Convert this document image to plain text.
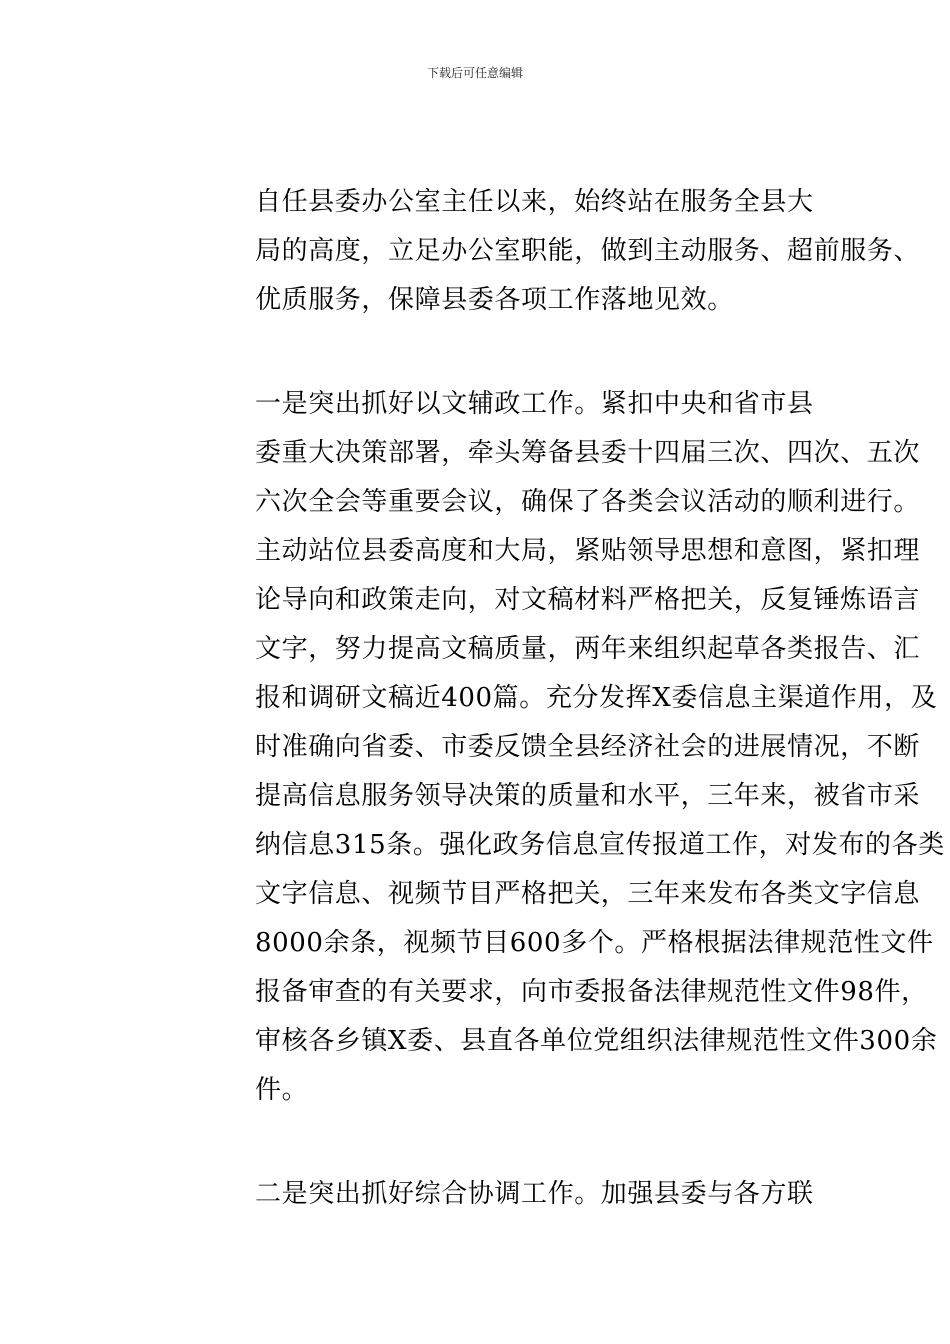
下载后可任意编辑

自任县委办公室主任以来，始终站在服务全县大
局的高度，立足办公室职能，做到主动服务、超前服务、
优质服务，保障县委各项工作落地见效。

一是突出抓好以文辅政工作。紧扣中央和省市县
委重大决策部署，牵头筹备县委十四届三次、四次、五次
六次全会等重要会议，确保了各类会议活动的顺利进行。
主动站位县委高度和大局，紧贴领导思想和意图，紧扣理
论导向和政策走向，对文稿材料严格把关，反复锤炼语言
文字，努力提高文稿质量，两年来组织起草各类报告、汇
报和调研文稿近400篇。充分发挥X委信息主渠道作用，及
时准确向省委、市委反馈全县经济社会的进展情况，不断
提高信息服务领导决策的质量和水平，三年来，被省市采
纳信息315条。强化政务信息宣传报道工作，对发布的各类
文字信息、视频节目严格把关，三年来发布各类文字信息
8000余条，视频节目600多个。严格根据法律规范性文件
报备审查的有关要求，向市委报备法律规范性文件98件，
审核各乡镇X委、县直各单位党组织法律规范性文件300余
件。

二是突出抓好综合协调工作。加强县委与各方联
